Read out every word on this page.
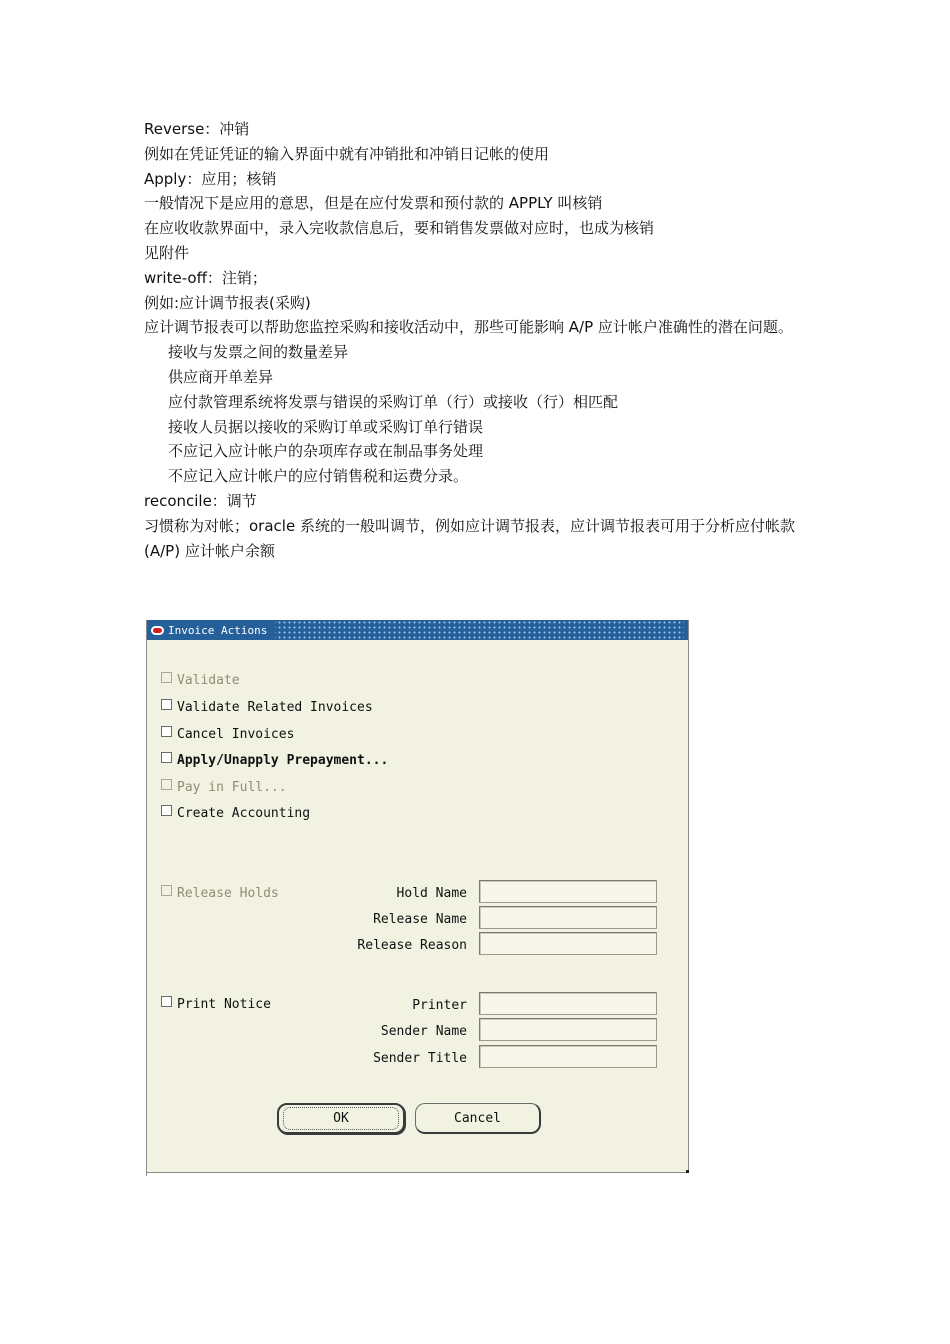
Reverse：冲销
例如在凭证凭证的输入界面中就有冲销批和冲销日记帐的使用
Apply：应用；核销
一般情况下是应用的意思，但是在应付发票和预付款的 APPLY 叫核销
在应收收款界面中，录入完收款信息后，要和销售发票做对应时，也成为核销
见附件
write-off：注销；
例如:应计调节报表(采购)
应计调节报表可以帮助您监控采购和接收活动中，那些可能影响 A/P 应计帐户准确性的潜在问题。
接收与发票之间的数量差异
供应商开单差异
应付款管理系统将发票与错误的采购订单（行）或接收（行）相匹配
接收人员据以接收的采购订单或采购订单行错误
不应记入应计帐户的杂项库存或在制品事务处理
不应记入应计帐户的应付销售税和运费分录。
reconcile：调节
习惯称为对帐；oracle 系统的一般叫调节，例如应计调节报表，应计调节报表可用于分析应付帐款 (A/P) 应计帐户余额
Invoice Actions
Validate
Validate Related Invoices
Cancel Invoices
Apply/Unapply Prepayment...
Pay in Full...
Create Accounting
Release Holds	Hold Name
Release Name
Release Reason
Print Notice	Printer
Sender Name
Sender Title
OK	Cancel
